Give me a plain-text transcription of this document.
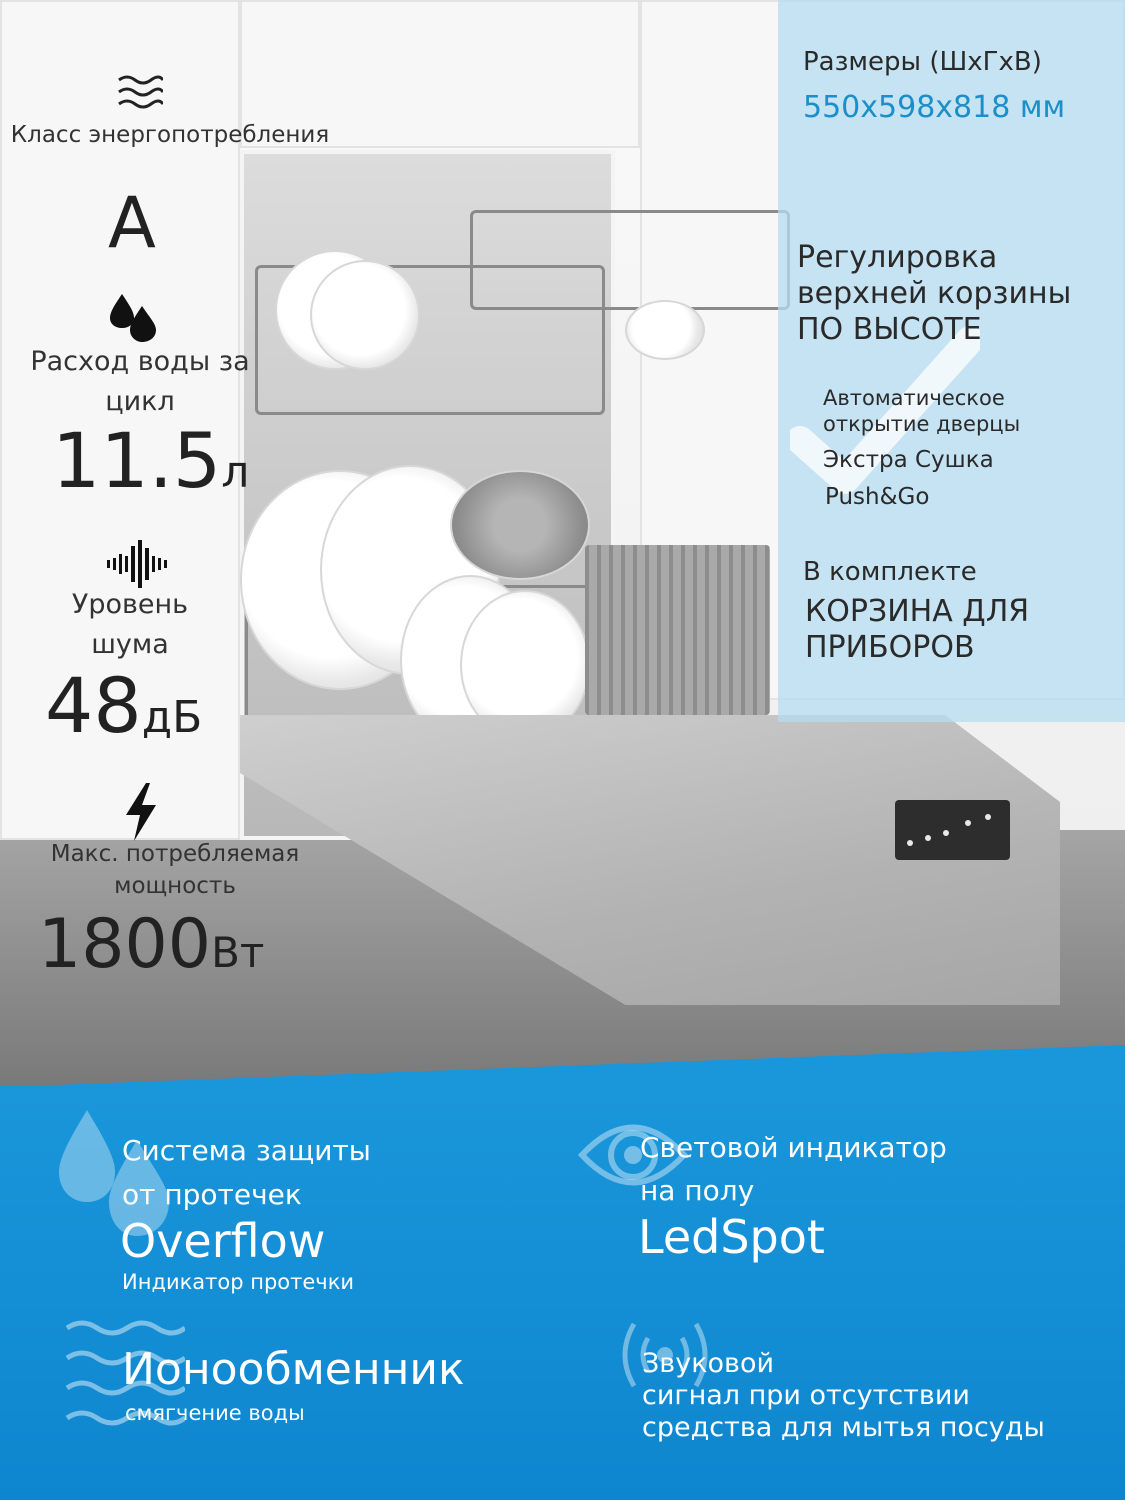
Класс энергопотребления
A
Расход воды за цикл
11.5л
Уровень шума
48дБ
Макс. потребляемая мощность
1800Вт
Размеры (ШхГхВ)
550x598x818 мм
Регулировка верхней корзины ПО ВЫСОТЕ
Автоматическое открытие дверцы
Экстра Сушка
Push&Go
В комплекте
КОРЗИНА ДЛЯ ПРИБОРОВ
Система защиты
от протечек
Overflow
Индикатор протечки
Световой индикатор
на полу
LedSpot
Ионообменник
смягчение воды
Звуковой
сигнал при отсутствии
средства для мытья посуды
